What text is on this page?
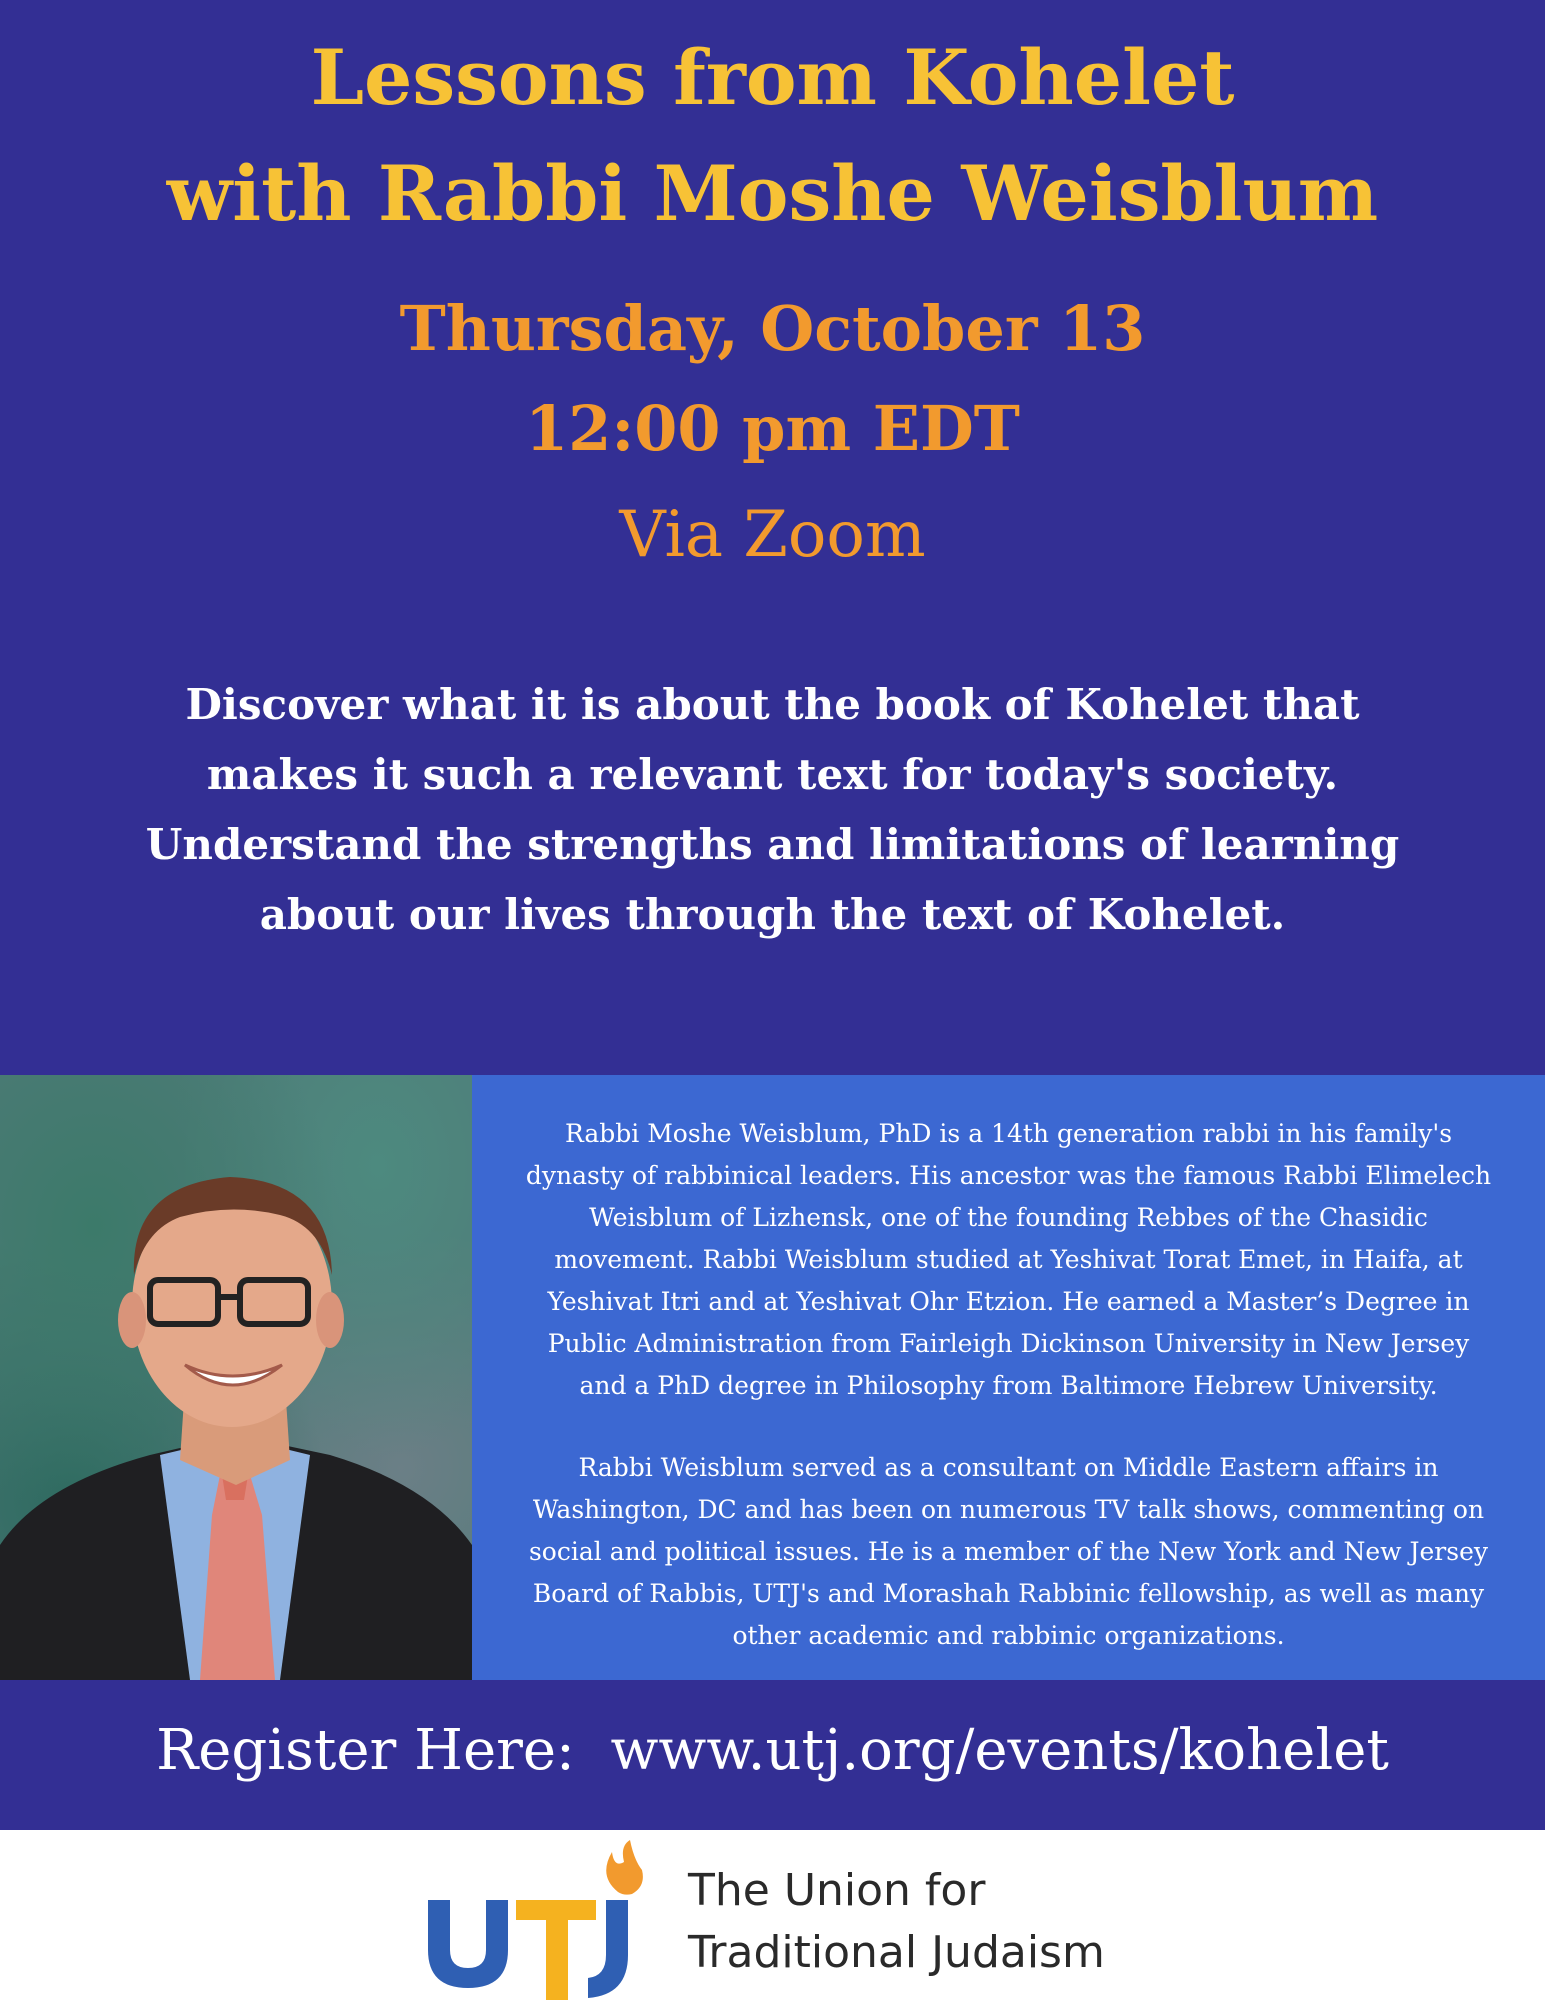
Lessons from Kohelet
with Rabbi Moshe Weisblum

Thursday, October 13

12:00 pm EDT

Via Zoom

Discover what it is about the book of Kohelet that
makes it such a relevant text for today's society.
Understand the strengths and limitations of learning
about our lives through the text of Kohelet.

Rabbi Moshe Weisblum, PhD is a 14th generation rabbi in his family's
dynasty of rabbinical leaders. His ancestor was the famous Rabbi Elimelech
Weisblum of Lizhensk, one of the founding Rebbes of the Chasidic
movement. Rabbi Weisblum studied at Yeshivat Torat Emet, in Haifa, at
Yeshivat Itri and at Yeshivat Ohr Etzion. He earned a Master’s Degree in
Public Administration from Fairleigh Dickinson University in New Jersey
and a PhD degree in Philosophy from Baltimore Hebrew University.

Rabbi Weisblum served as a consultant on Middle Eastern affairs in
Washington, DC and has been on numerous TV talk shows, commenting on
social and political issues. He is a member of the New York and New Jersey
Board of Rabbis, UTJ's and Morashah Rabbinic fellowship, as well as many
other academic and rabbinic organizations.

Register Here:  www.utj.org/events/kohelet

The Union for
Traditional Judaism
